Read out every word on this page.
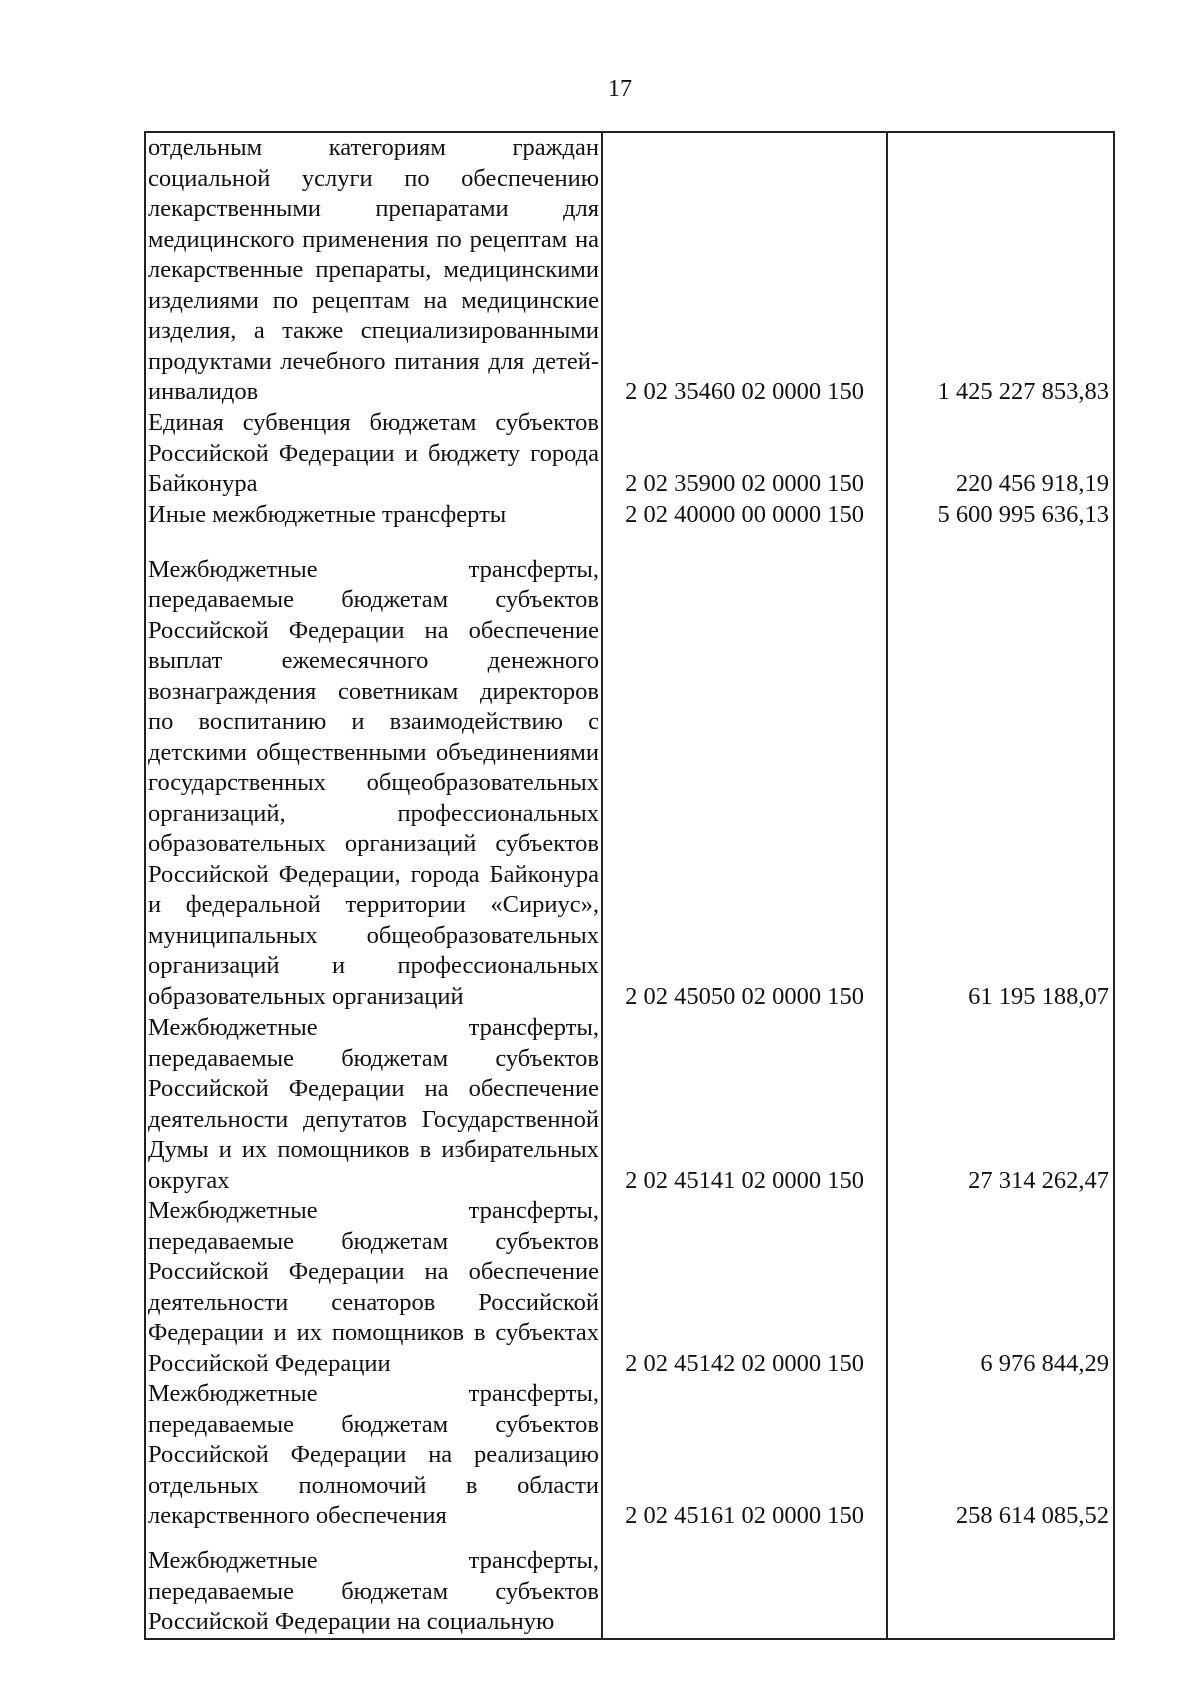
17
отдельным категориям граждан социальной услуги по обеспечению лекарственными препаратами для медицинского применения по рецептам на лекарственные препараты, медицинскими изделиями по рецептам на медицинские изделия, а также специализированными продуктами лечебного питания для детей-инвалидов	2 02 35460 02 0000 150	1 425 227 853,83
Единая субвенция бюджетам субъектов Российской Федерации и бюджету города Байконура	2 02 35900 02 0000 150	220 456 918,19
Иные межбюджетные трансферты	2 02 40000 00 0000 150	5 600 995 636,13
Межбюджетные трансферты, передаваемые бюджетам субъектов Российской Федерации на обеспечение выплат ежемесячного денежного вознаграждения советникам директоров по воспитанию и взаимодействию с детскими общественными объединениями государственных общеобразовательных организаций, профессиональных образовательных организаций субъектов Российской Федерации, города Байконура и федеральной территории «Сириус», муниципальных общеобразовательных организаций и профессиональных образовательных организаций	2 02 45050 02 0000 150	61 195 188,07
Межбюджетные трансферты, передаваемые бюджетам субъектов Российской Федерации на обеспечение деятельности депутатов Государственной Думы и их помощников в избирательных округах	2 02 45141 02 0000 150	27 314 262,47
Межбюджетные трансферты, передаваемые бюджетам субъектов Российской Федерации на обеспечение деятельности сенаторов Российской Федерации и их помощников в субъектах Российской Федерации	2 02 45142 02 0000 150	6 976 844,29
Межбюджетные трансферты, передаваемые бюджетам субъектов Российской Федерации на реализацию отдельных полномочий в области лекарственного обеспечения	2 02 45161 02 0000 150	258 614 085,52
Межбюджетные трансферты, передаваемые бюджетам субъектов Российской Федерации на социальную		
